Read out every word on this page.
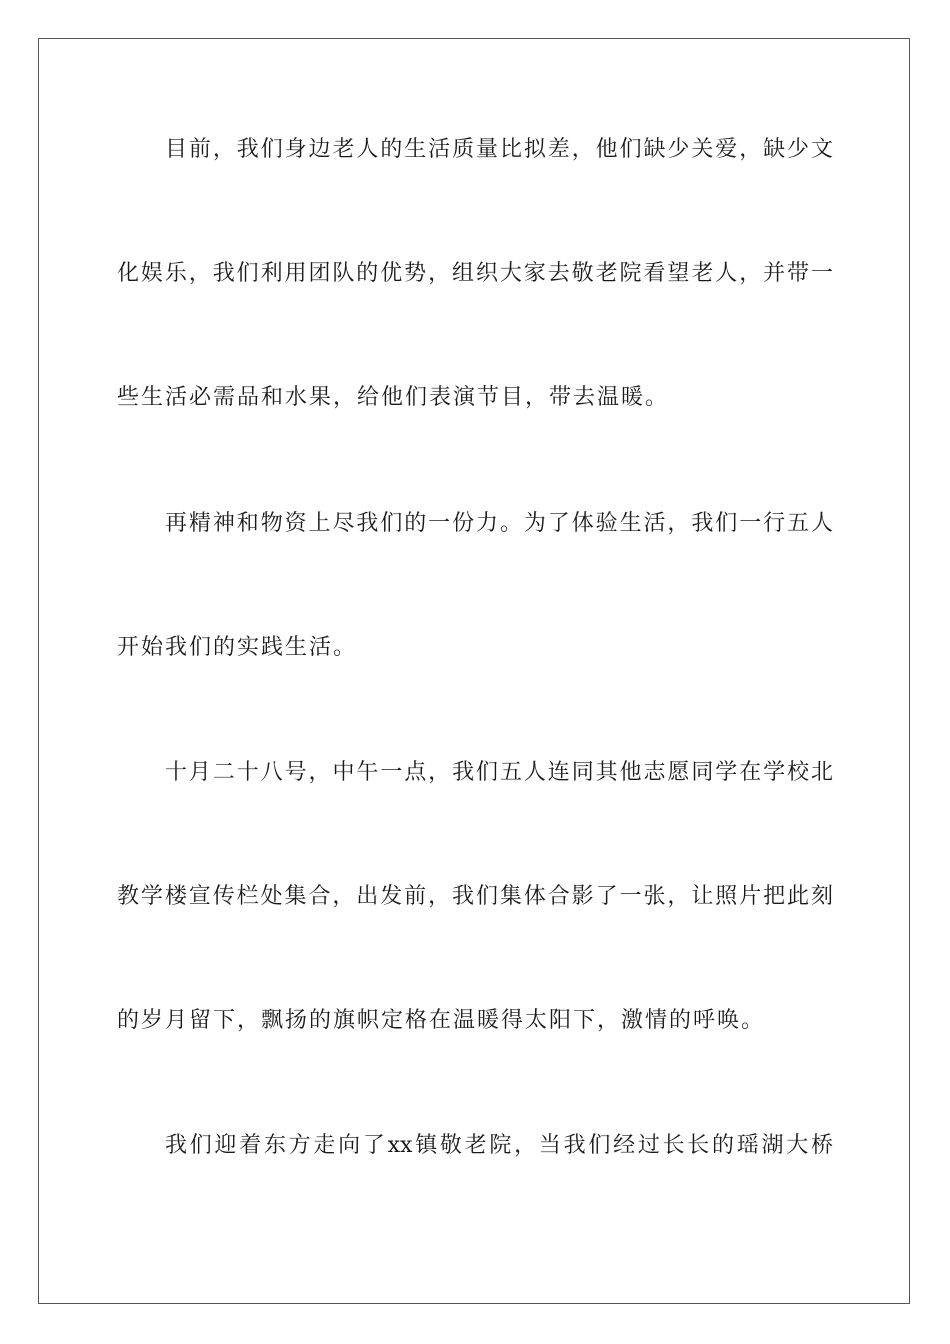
目前，我们身边老人的生活质量比拟差，他们缺少关爱，缺少文

化娱乐，我们利用团队的优势，组织大家去敬老院看望老人，并带一

些生活必需品和水果，给他们表演节目，带去温暖。

再精神和物资上尽我们的一份力。为了体验生活，我们一行五人

开始我们的实践生活。

十月二十八号，中午一点，我们五人连同其他志愿同学在学校北

教学楼宣传栏处集合，出发前，我们集体合影了一张，让照片把此刻

的岁月留下，飘扬的旗帜定格在温暖得太阳下，激情的呼唤。

我们迎着东方走向了xx镇敬老院，当我们经过长长的瑶湖大桥
